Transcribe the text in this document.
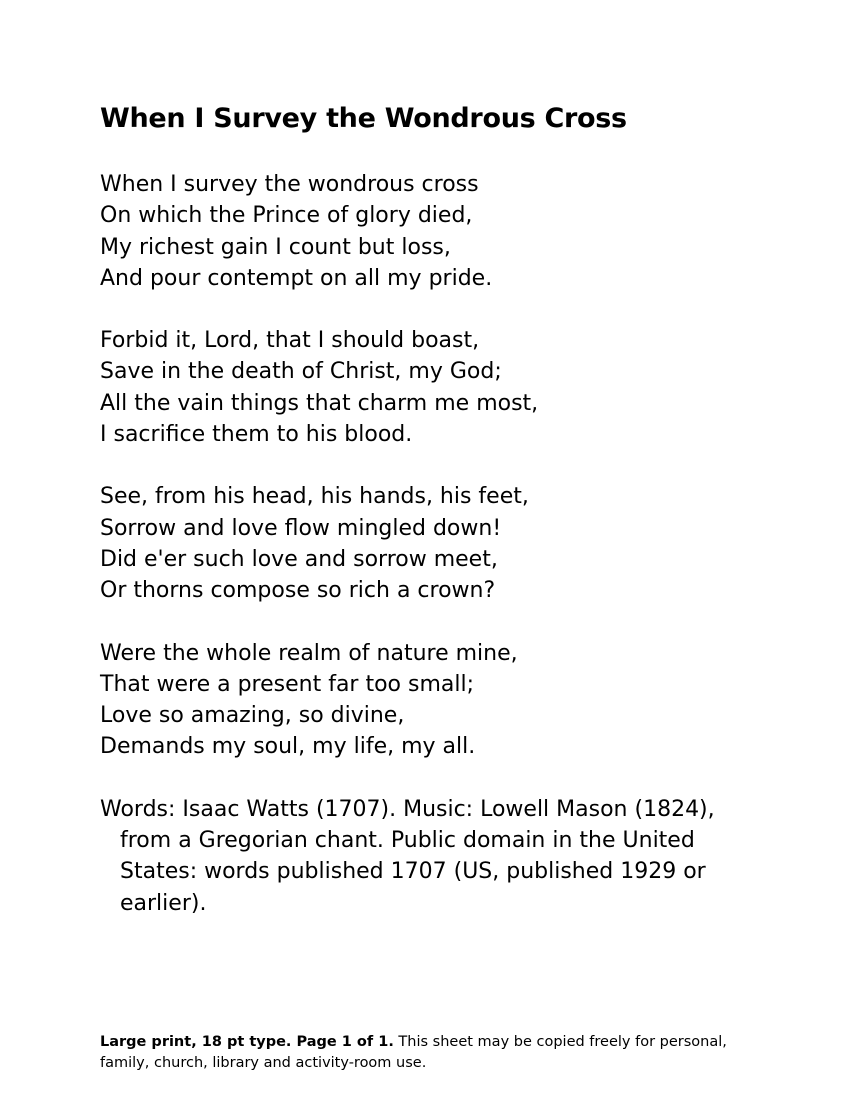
When I Survey the Wondrous Cross

When I survey the wondrous cross
On which the Prince of glory died,
My richest gain I count but loss,
And pour contempt on all my pride.

Forbid it, Lord, that I should boast,
Save in the death of Christ, my God;
All the vain things that charm me most,
I sacrifice them to his blood.

See, from his head, his hands, his feet,
Sorrow and love flow mingled down!
Did e'er such love and sorrow meet,
Or thorns compose so rich a crown?

Were the whole realm of nature mine,
That were a present far too small;
Love so amazing, so divine,
Demands my soul, my life, my all.

Words: Isaac Watts (1707). Music: Lowell Mason (1824), from a Gregorian chant. Public domain in the United States: words published 1707 (US, published 1929 or earlier).

Large print, 18 pt type. Page 1 of 1. This sheet may be copied freely for personal, family, church, library and activity-room use.
